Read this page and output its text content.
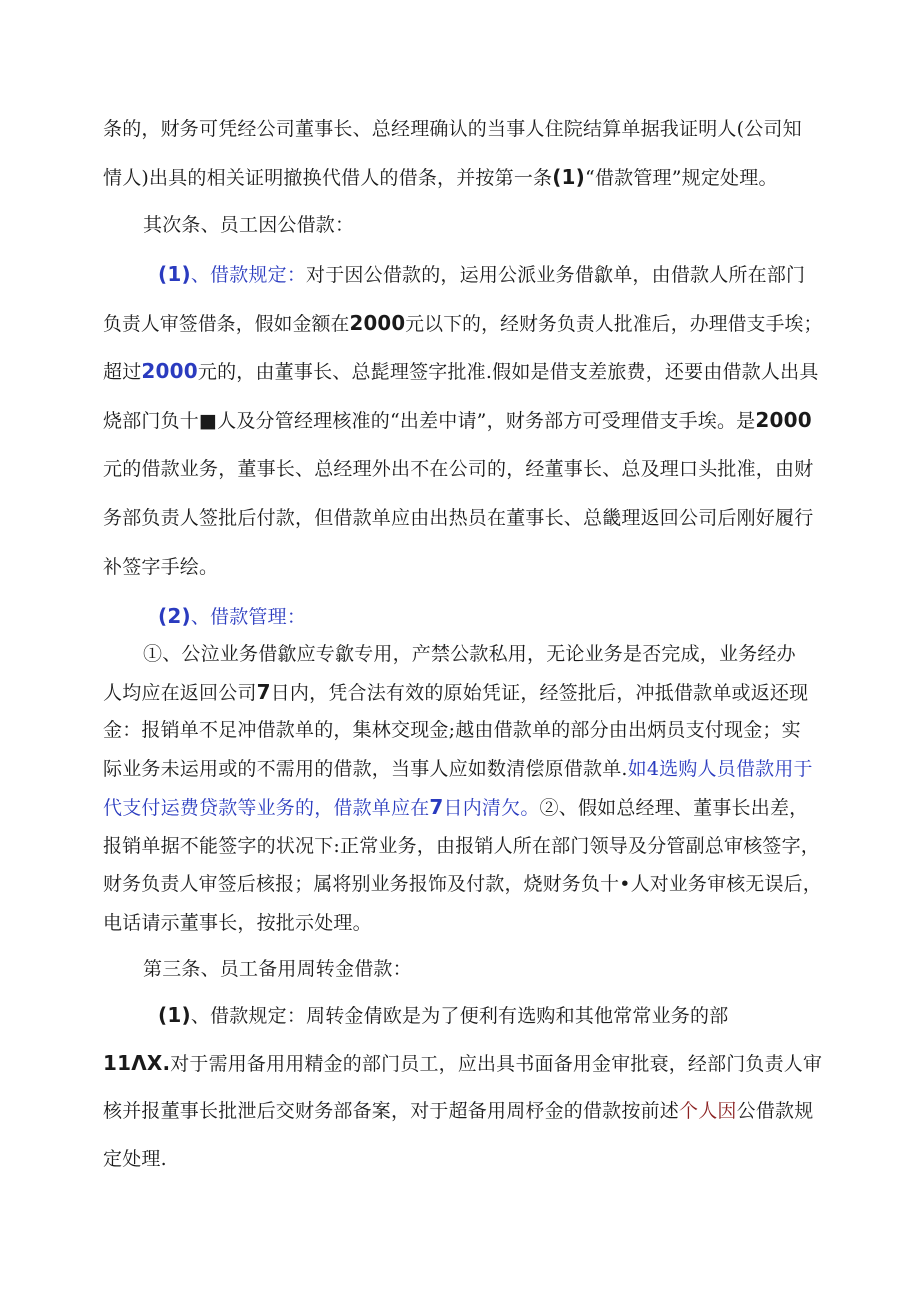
条的，财务可凭经公司董事长、总经理确认的当事人住院结算单据我证明人(公司知
情人)出具的相关证明撤换代借人的借条，并按第一条(1)“借款管理”规定处理。
其次条、员工因公借款：
(1)、借款规定：对于因公借款的，运用公派业务借歙单，由借款人所在部门
负责人审签借条，假如金额在2000元以下的，经财务负责人批准后，办理借支手埃；
超过2000元的，由董事长、总髭理签字批准.假如是借支差旅费，还要由借款人出具
烧部门负十■人及分管经理核准的“出差中请”，财务部方可受理借支手埃。是2000
元的借款业务，董事长、总经理外出不在公司的，经董事长、总及理口头批准，由财
务部负责人签批后付款，但借款单应由出热员在董事长、总畿理返回公司后刚好履行
补签字手绘。
(2)、借款管理：
①、公泣业务借歙应专歙专用，产禁公款私用，无论业务是否完成，业务经办
人均应在返回公司7日内，凭合法有效的原始凭证，经签批后，冲抵借款单或返还现
金：报销单不足冲借款单的，集林交现金;越由借款单的部分由出炳员支付现金；实
际业务未运用或的不需用的借款，当事人应如数清偿原借款单.如4选购人员借款用于
代支付运费贷款等业务的，借款单应在7日内清欠。②、假如总经理、董事长出差，
报销单据不能签字的状况下:正常业务，由报销人所在部门领导及分管副总审核签字，
财务负责人审签后核报；属将别业务报饰及付款，烧财务负十•人对业务审核无误后，
电话请示董事长，按批示处理。
第三条、员工备用周转金借款：
(1)、借款规定：周转金倩欧是为了便利有选购和其他常常业务的部
11ΛX.对于需用备用用精金的部门员工，应出具书面备用金审批衰，经部门负责人审
核并报董事长批泄后交财务部备案，对于超备用周杼金的借款按前述个人因公借款规
定处理.
